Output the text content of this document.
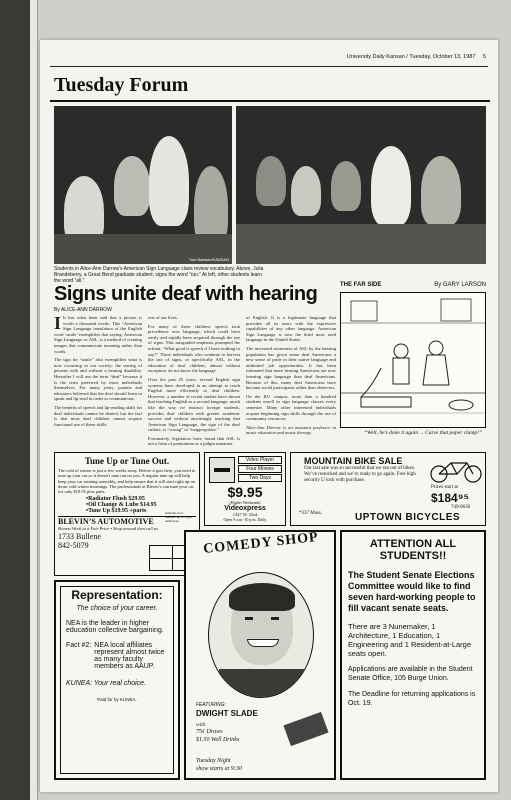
University Daily Kansan / Tuesday, October 13, 1987 5
Tuesday Forum
Tom Baldwin/KANSAN
Students in Alice-Ann Darrow’s American Sign Language class review vocabulary. Above, Julia Brandeberry, a Great Bend graduate student, signs the word “run.” At left, other students learn the word “all.”
Signs unite deaf with hearing
By ALICE-ANN DARROW

I It has often been said that a picture is worth a thousand words. This “American Sign Language translation of the English word ‘smile’ exemplifies that saying. American Sign Language, or ASL, is a method of creating images that communicate meaning rather than words.

The sign for “smile” also exemplifies what is now occurring in our society: the staring of persons with and without a hearing disability. Hereafter I will use the term “deaf” because it is the term preferred by most individuals themselves. For many years, parents and educators believed that the deaf should learn to speak and lip-read in order to communicate.

The benefits of speech and lip-reading skills for deaf individuals cannot be denied, but the fact is that most deaf children cannot acquire functional use of these skills.

rest of our lives.

For many of these children, speech took precedence over language, which could have easily and rapidly been acquired through the use of signs. This misguided emphasis prompted the refrain, “What good is speech if I have nothing to say?” Those individuals who continue to harvest the use of signs, or specifically ASL, in the education of deaf children, almost without exception, do not know the language.

Over the past 25 years, several English sign systems have developed in an attempt to teach English more efficiently to deaf children. However, a number of recent studies have shown that teaching English as a second language, much like the way we instruct foreign students, provides deaf children with greater academic success and without unwittingly teaching that American Sign Language, the sign of the deaf culture, is “wrong” or “inappropriate.”

Fortunately, legislators have found that ASL is not a form of pantomime or a pidgin mutation

of English. It is a legitimate language that provides all its users with the expressive capabilities of any other language. American Sign Language is now the third most used language in the United States.

The increased awareness of ASL by the hearing population has given some deaf Americans a new sense of pride in their native language and unlimited job opportunities. It has been estimated that more hearing Americans are now learning sign language than deaf Americans. Because of this, many deaf Americans have become social participants rather than observers.

On the KU campus, more than a hundred students enroll in sign language classes every semester. Many other interested individuals acquire beginning sign skills through the use of community resources.

Alice-Ann Darrow is an assistant professor in music education and music therapy.

THE FAR SIDE	By GARY LARSON
“Well, he’s done it again ... Curse that paper clamp!”
Tune Up or Tune Out.
The cold of winter is just a few weeks away. Before it gets here, you need to tune up your car so it doesn’t tune out on you. A regular tune up will help keep your car running smoothly, and help ensure that it will start right up on those cold winter mornings. The professionals at Blevin’s can tune your car for only $19.95 plus parts.
•Radiator Flush $29.95
•Oil Change & Lube $14.95
•Tune Up $19.95 +parts	includes new thermo. up to 2 gal. antifreeze
BLEVIN’S AUTOMOTIVE
Honest Work at a Fair Price • Shop around then call us.
1733 Bullene
842-5079
Video Player
Four Movies
Two Days
$9.95
(Higher Weekends)
Videoxpress
1447 W. 23rd
Open 9 a.m.-10 p.m. Daily
MOUNTAIN BIKE SALE
Our last sale was so successful that we ran out of bikes. We’ve restocked and we’re ready to go again. Free high security U lock with purchase.
Prices start at
$184⁹⁵
749-0636
*337 Mass.	UPTOWN BICYCLES
Representation:
The choice of your career.
NEA is the leader in higher education collective bargaining.
Fact #2: NEA local affiliates represent almost twice as many faculty members as AAUP.
KUNEA: Your real choice.
Paid for by KUNEA.
COMEDY SHOP
FEATURING:
DWIGHT SLADE
with
75¢ Draws
$1.50 Well Drinks
Tuesday Night
show starts at 9:30
ATTENTION ALL STUDENTS!!
The Student Senate Elections Committee would like to find seven hard-working people to fill vacant senate seats.
There are 3 Nunemaker, 1 Architecture, 1 Education, 1 Engineering and 1 Resident-at-Large seats open.
Applications are available in the Student Senate Office, 105 Burge Union.
The Deadline for returning applications is Oct. 19.
